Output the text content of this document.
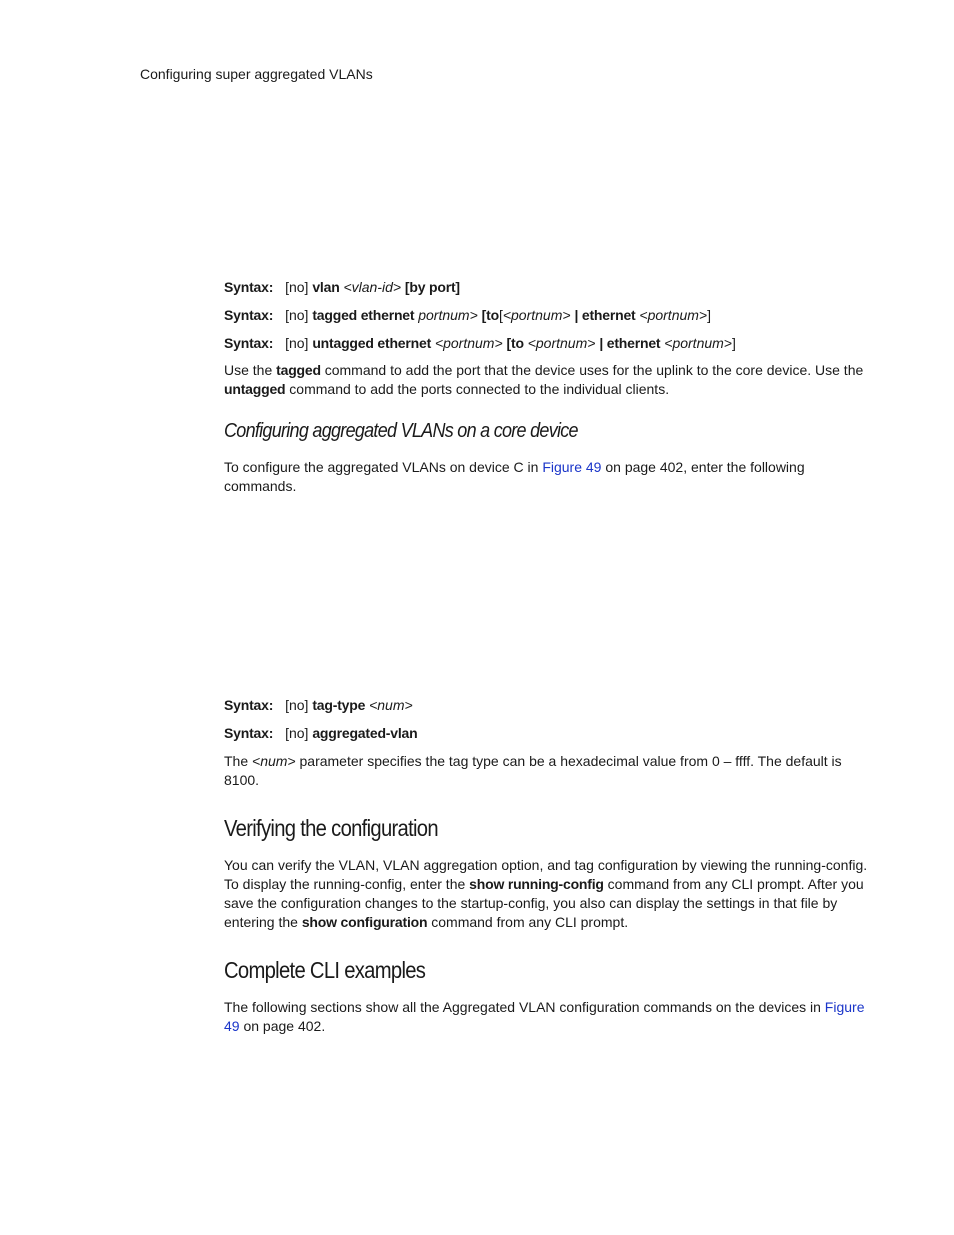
Configuring super aggregated VLANs
Syntax: [no] vlan <vlan-id> [by port]
Syntax: [no] tagged ethernet portnum> [to[<portnum> | ethernet <portnum>]
Syntax: [no] untagged ethernet <portnum> [to <portnum> | ethernet <portnum>]
Use the tagged command to add the port that the device uses for the uplink to the core device. Use the untagged command to add the ports connected to the individual clients.
Configuring aggregated VLANs on a core device
To configure the aggregated VLANs on device C in Figure 49 on page 402, enter the following commands.
Syntax: [no] tag-type <num>
Syntax: [no] aggregated-vlan
The <num> parameter specifies the tag type can be a hexadecimal value from 0 – ffff. The default is 8100.
Verifying the configuration
You can verify the VLAN, VLAN aggregation option, and tag configuration by viewing the running-config. To display the running-config, enter the show running-config command from any CLI prompt. After you save the configuration changes to the startup-config, you also can display the settings in that file by entering the show configuration command from any CLI prompt.
Complete CLI examples
The following sections show all the Aggregated VLAN configuration commands on the devices in Figure 49 on page 402.
